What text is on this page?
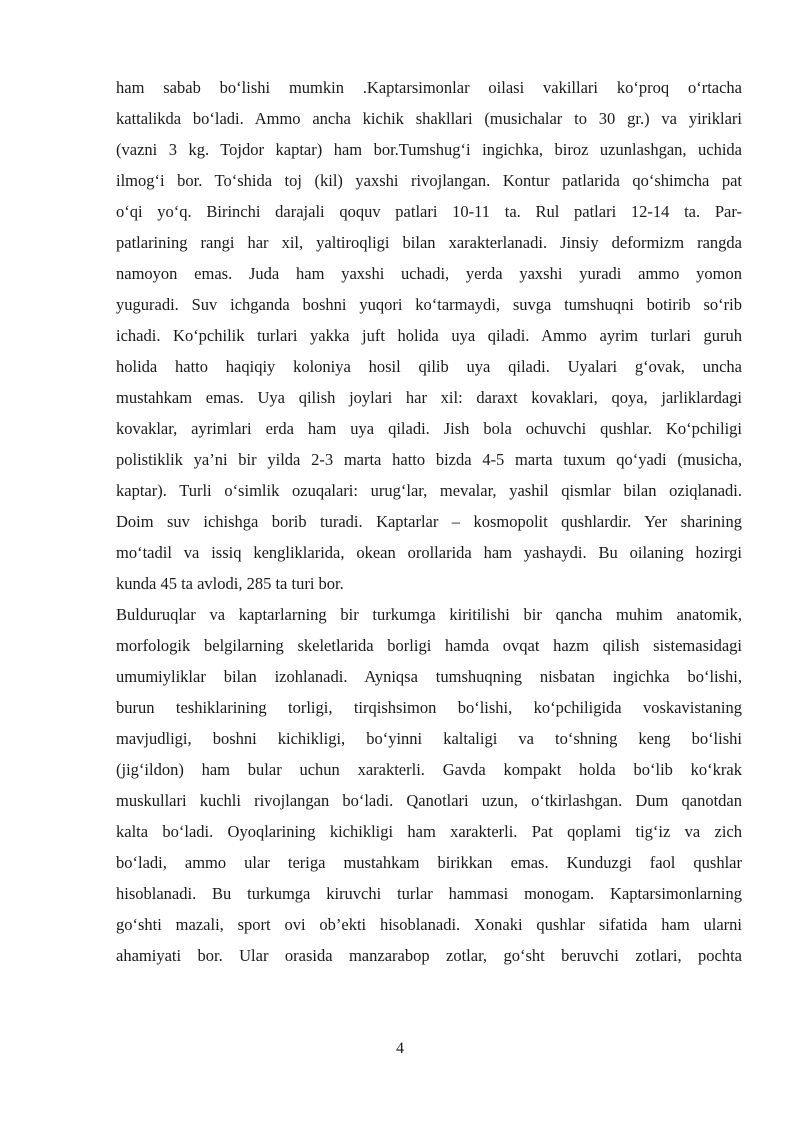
ham sabab bo‘lishi mumkin .Kaptarsimonlar oilasi vakillari ko‘proq o‘rtacha
kattalikda bo‘ladi. Ammo ancha kichik shakllari (musichalar to 30 gr.) va yiriklari
(vazni 3 kg. Tojdor kaptar) ham bor.Tumshug‘i ingichka, biroz uzunlashgan, uchida
ilmog‘i bor. To‘shida toj (kil) yaxshi rivojlangan. Kontur patlarida qo‘shimcha pat
o‘qi yo‘q. Birinchi darajali qoquv patlari 10-11 ta. Rul patlari 12-14 ta. Par-
patlarining rangi har xil, yaltiroqligi bilan xarakterlanadi. Jinsiy deformizm rangda
namoyon emas. Juda ham yaxshi uchadi, yerda yaxshi yuradi ammo yomon
yuguradi. Suv ichganda boshni yuqori ko‘tarmaydi, suvga tumshuqni botirib so‘rib
ichadi. Ko‘pchilik turlari yakka juft holida uya qiladi. Ammo ayrim turlari guruh
holida hatto haqiqiy koloniya hosil qilib uya qiladi. Uyalari g‘ovak, uncha
mustahkam emas. Uya qilish joylari har xil: daraxt kovaklari, qoya, jarliklardagi
kovaklar, ayrimlari erda ham uya qiladi. Jish bola ochuvchi qushlar. Ko‘pchiligi
polistiklik ya’ni bir yilda 2-3 marta hatto bizda 4-5 marta tuxum qo‘yadi (musicha,
kaptar). Turli o‘simlik ozuqalari: urug‘lar, mevalar, yashil qismlar bilan oziqlanadi.
Doim suv ichishga borib turadi. Kaptarlar – kosmopolit qushlardir. Yer sharining
mo‘tadil va issiq kengliklarida, okean orollarida ham yashaydi. Bu oilaning hozirgi
kunda 45 ta avlodi, 285 ta turi bor.
Bulduruqlar va kaptarlarning bir turkumga kiritilishi bir qancha muhim anatomik,
morfologik belgilarning skeletlarida borligi hamda ovqat hazm qilish sistemasidagi
umumiyliklar bilan izohlanadi. Ayniqsa tumshuqning nisbatan ingichka bo‘lishi,
burun teshiklarining torligi, tirqishsimon bo‘lishi, ko‘pchiligida voskavistaning
mavjudligi, boshni kichikligi, bo‘yinni kaltaligi va to‘shning keng bo‘lishi
(jig‘ildon) ham bular uchun xarakterli. Gavda kompakt holda bo‘lib ko‘krak
muskullari kuchli rivojlangan bo‘ladi. Qanotlari uzun, o‘tkirlashgan. Dum qanotdan
kalta bo‘ladi. Oyoqlarining kichikligi ham xarakterli. Pat qoplami tig‘iz va zich
bo‘ladi, ammo ular teriga mustahkam birikkan emas. Kunduzgi faol qushlar
hisoblanadi. Bu turkumga kiruvchi turlar hammasi monogam. Kaptarsimonlarning
go‘shti mazali, sport ovi ob’ekti hisoblanadi. Xonaki qushlar sifatida ham ularni
ahamiyati bor. Ular orasida manzarabop zotlar, go‘sht beruvchi zotlari, pochta
4
